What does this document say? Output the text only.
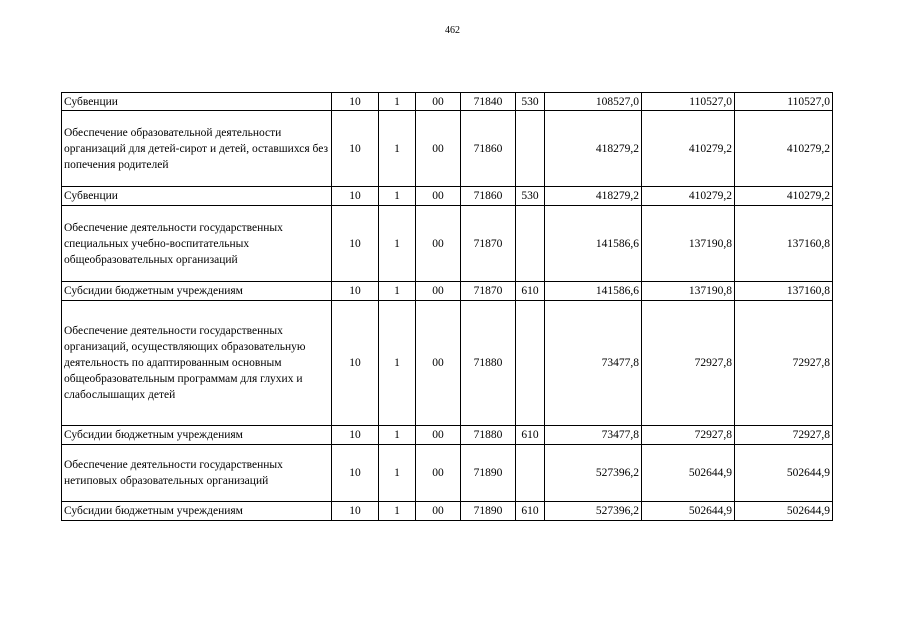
462
Субвенции	10	1	00	71840	530	108527,0	110527,0	110527,0
Обеспечение образовательной деятельности организаций для детей-сирот и детей, оставшихся без попечения родителей	10	1	00	71860		418279,2	410279,2	410279,2
Субвенции	10	1	00	71860	530	418279,2	410279,2	410279,2
Обеспечение деятельности государственных специальных учебно-воспитательных общеобразовательных организаций	10	1	00	71870		141586,6	137190,8	137160,8
Субсидии бюджетным учреждениям	10	1	00	71870	610	141586,6	137190,8	137160,8
Обеспечение деятельности государственных организаций, осуществляющих образовательную деятельность по адаптированным основным общеобразовательным программам для глухих и слабослышащих детей	10	1	00	71880		73477,8	72927,8	72927,8
Субсидии бюджетным учреждениям	10	1	00	71880	610	73477,8	72927,8	72927,8
Обеспечение деятельности государственных нетиповых образовательных организаций	10	1	00	71890		527396,2	502644,9	502644,9
Субсидии бюджетным учреждениям	10	1	00	71890	610	527396,2	502644,9	502644,9
